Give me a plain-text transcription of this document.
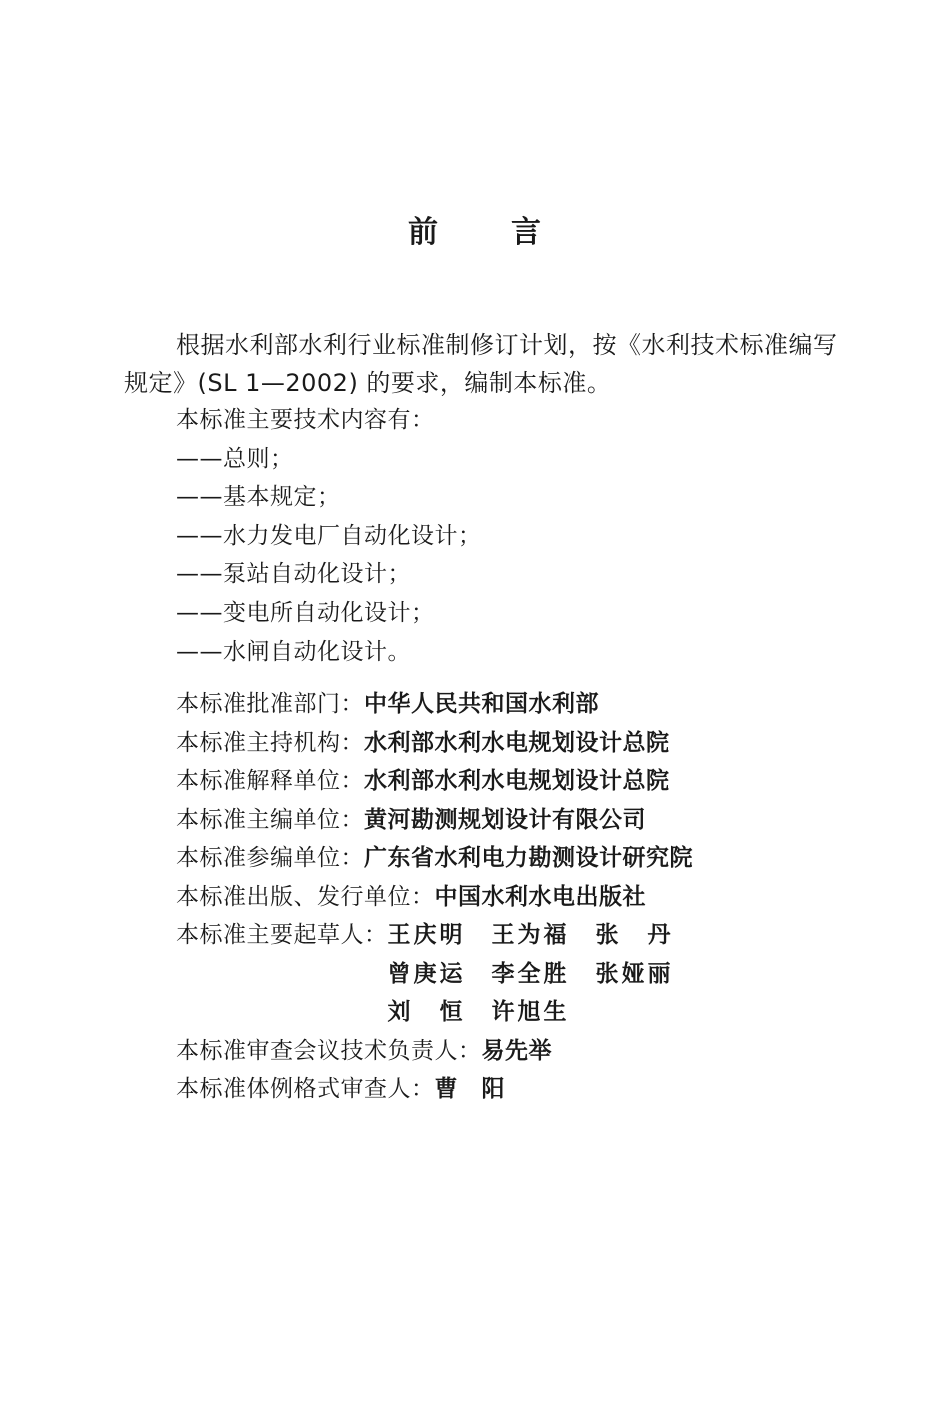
前 言
根据水利部水利行业标准制修订计划，按《水利技术标准编写规定》(SL 1—2002) 的要求，编制本标准。
本标准主要技术内容有：
——总则；
——基本规定；
——水力发电厂自动化设计；
——泵站自动化设计；
——变电所自动化设计；
——水闸自动化设计。
本标准批准部门： 中华人民共和国水利部
本标准主持机构： 水利部水利水电规划设计总院
本标准解释单位： 水利部水利水电规划设计总院
本标准主编单位： 黄河勘测规划设计有限公司
本标准参编单位： 广东省水利电力勘测设计研究院
本标准出版、发行单位： 中国水利水电出版社
本标准主要起草人： 王庆明	王为福	张　丹
曾庚运	李全胜	张娅丽
刘　恒	许旭生
本标准审查会议技术负责人： 易先举
本标准体例格式审查人： 曹　阳
